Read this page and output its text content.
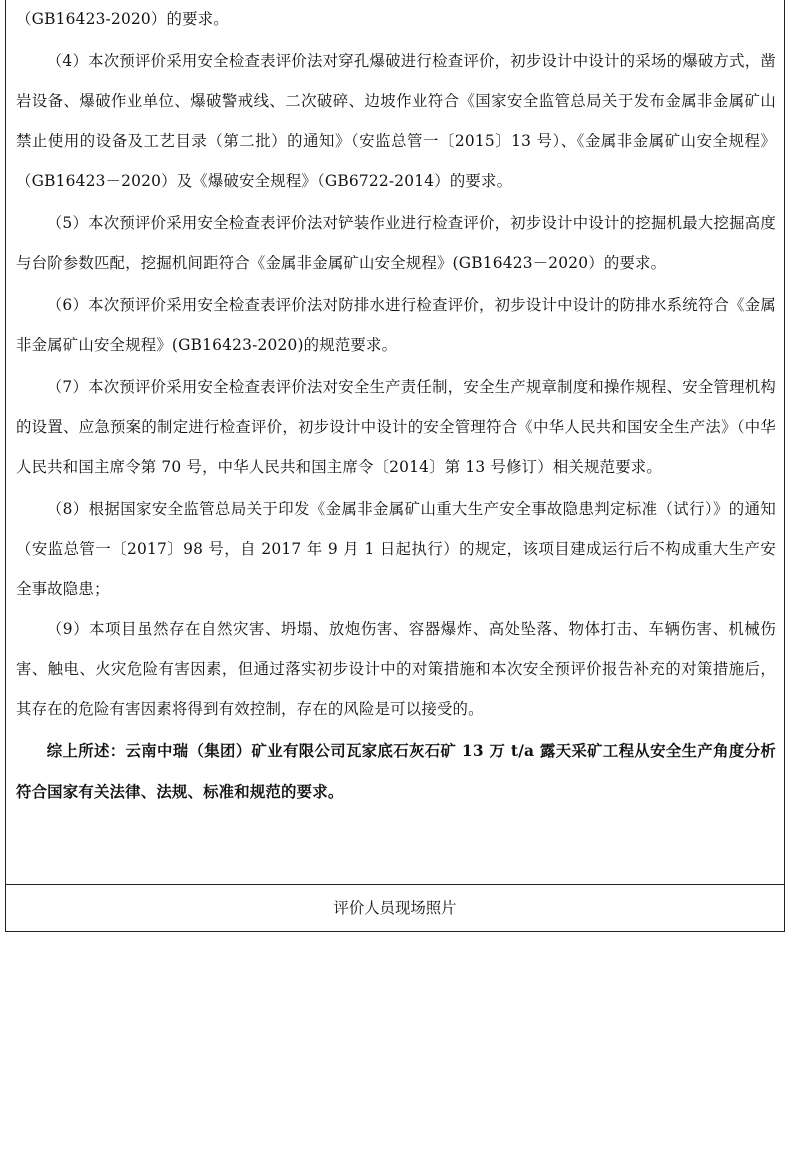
（GB16423-2020）的要求。

（4）本次预评价采用安全检查表评价法对穿孔爆破进行检查评价，初步设计中设计的采场的爆破方式，凿岩设备、爆破作业单位、爆破警戒线、二次破碎、边坡作业符合《国家安全监管总局关于发布金属非金属矿山禁止使用的设备及工艺目录（第二批）的通知》（安监总管一〔2015〕13 号）、《金属非金属矿山安全规程》（GB16423－2020）及《爆破安全规程》（GB6722-2014）的要求。

（5）本次预评价采用安全检查表评价法对铲装作业进行检查评价，初步设计中设计的挖掘机最大挖掘高度与台阶参数匹配，挖掘机间距符合《金属非金属矿山安全规程》(GB16423－2020）的要求。

（6）本次预评价采用安全检查表评价法对防排水进行检查评价，初步设计中设计的防排水系统符合《金属非金属矿山安全规程》(GB16423-2020)的规范要求。

（7）本次预评价采用安全检查表评价法对安全生产责任制，安全生产规章制度和操作规程、安全管理机构的设置、应急预案的制定进行检查评价，初步设计中设计的安全管理符合《中华人民共和国安全生产法》（中华人民共和国主席令第 70 号，中华人民共和国主席令〔2014〕第 13 号修订）相关规范要求。

（8）根据国家安全监管总局关于印发《金属非金属矿山重大生产安全事故隐患判定标准（试行）》的通知（安监总管一〔2017〕98 号，自 2017 年 9 月 1 日起执行）的规定，该项目建成运行后不构成重大生产安全事故隐患；

（9）本项目虽然存在自然灾害、坍塌、放炮伤害、容器爆炸、高处坠落、物体打击、车辆伤害、机械伤害、触电、火灾危险有害因素，但通过落实初步设计中的对策措施和本次安全预评价报告补充的对策措施后，其存在的危险有害因素将得到有效控制，存在的风险是可以接受的。

综上所述：云南中瑞（集团）矿业有限公司瓦家底石灰石矿 13 万 t/a 露天采矿工程从安全生产角度分析符合国家有关法律、法规、标准和规范的要求。

评价人员现场照片
